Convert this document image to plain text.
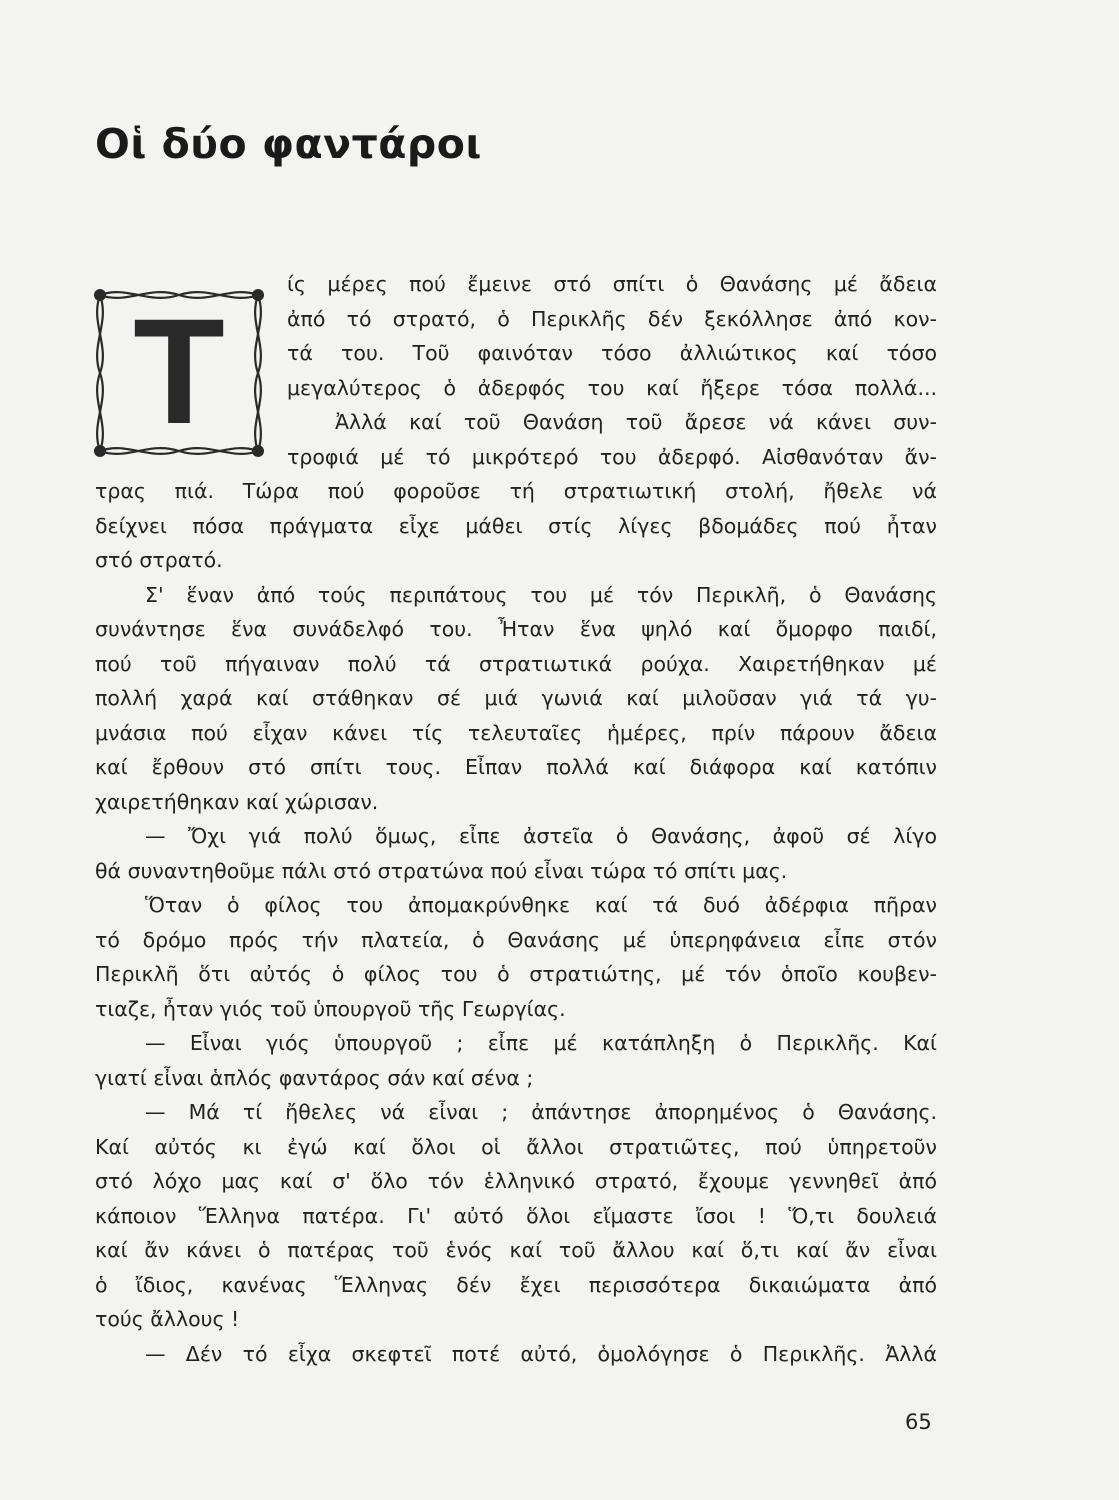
Οἱ δύο φαντάροι
T
ίς μέρες πού ἔμεινε στό σπίτι ὁ Θανάσης μέ ἄδεια
ἀπό τό στρατό, ὁ Περικλῆς δέν ξεκόλλησε ἀπό κον-
τά του. Τοῦ φαινόταν τόσο ἀλλιώτικος καί τόσο
μεγαλύτερος ὁ ἀδερφός του καί ἤξερε τόσα πολλά...
Ἀλλά καί τοῦ Θανάση τοῦ ἄρεσε νά κάνει συν-
τροφιά μέ τό μικρότερό του ἀδερφό. Αἰσθανόταν ἄν-
τρας πιά. Τώρα πού φοροῦσε τή στρατιωτική στολή, ἤθελε νά
δείχνει πόσα πράγματα εἶχε μάθει στίς λίγες βδομάδες πού ἦταν
στό στρατό.
Σ' ἕναν ἀπό τούς περιπάτους του μέ τόν Περικλῆ, ὁ Θανάσης
συνάντησε ἕνα συνάδελφό του. Ἦταν ἕνα ψηλό καί ὄμορφο παιδί,
πού τοῦ πήγαιναν πολύ τά στρατιωτικά ρούχα. Χαιρετήθηκαν μέ
πολλή χαρά καί στάθηκαν σέ μιά γωνιά καί μιλοῦσαν γιά τά γυ-
μνάσια πού εἶχαν κάνει τίς τελευταῖες ἡμέρες, πρίν πάρουν ἄδεια
καί ἔρθουν στό σπίτι τους. Εἶπαν πολλά καί διάφορα καί κατόπιν
χαιρετήθηκαν καί χώρισαν.
— Ὄχι γιά πολύ ὅμως, εἶπε ἀστεῖα ὁ Θανάσης, ἀφοῦ σέ λίγο
θά συναντηθοῦμε πάλι στό στρατώνα πού εἶναι τώρα τό σπίτι μας.
Ὅταν ὁ φίλος του ἀπομακρύνθηκε καί τά δυό ἀδέρφια πῆραν
τό δρόμο πρός τήν πλατεία, ὁ Θανάσης μέ ὑπερηφάνεια εἶπε στόν
Περικλῆ ὅτι αὐτός ὁ φίλος του ὁ στρατιώτης, μέ τόν ὁποῖο κουβεν-
τιαζε, ἦταν γιός τοῦ ὑπουργοῦ τῆς Γεωργίας.
— Εἶναι γιός ὑπουργοῦ ; εἶπε μέ κατάπληξη ὁ Περικλῆς. Καί
γιατί εἶναι ἁπλός φαντάρος σάν καί σένα ;
— Μά τί ἤθελες νά εἶναι ; ἀπάντησε ἀπορημένος ὁ Θανάσης.
Καί αὐτός κι ἐγώ καί ὅλοι οἱ ἄλλοι στρατιῶτες, πού ὑπηρετοῦν
στό λόχο μας καί σ' ὅλο τόν ἑλληνικό στρατό, ἔχουμε γεννηθεῖ ἀπό
κάποιον Ἕλληνα πατέρα. Γι' αὐτό ὅλοι εἴμαστε ἴσοι ! Ὅ,τι δουλειά
καί ἄν κάνει ὁ πατέρας τοῦ ἑνός καί τοῦ ἄλλου καί ὅ,τι καί ἄν εἶναι
ὁ ἴδιος, κανένας Ἕλληνας δέν ἔχει περισσότερα δικαιώματα ἀπό
τούς ἄλλους !
— Δέν τό εἶχα σκεφτεῖ ποτέ αὐτό, ὁμολόγησε ὁ Περικλῆς. Ἀλλά
65
